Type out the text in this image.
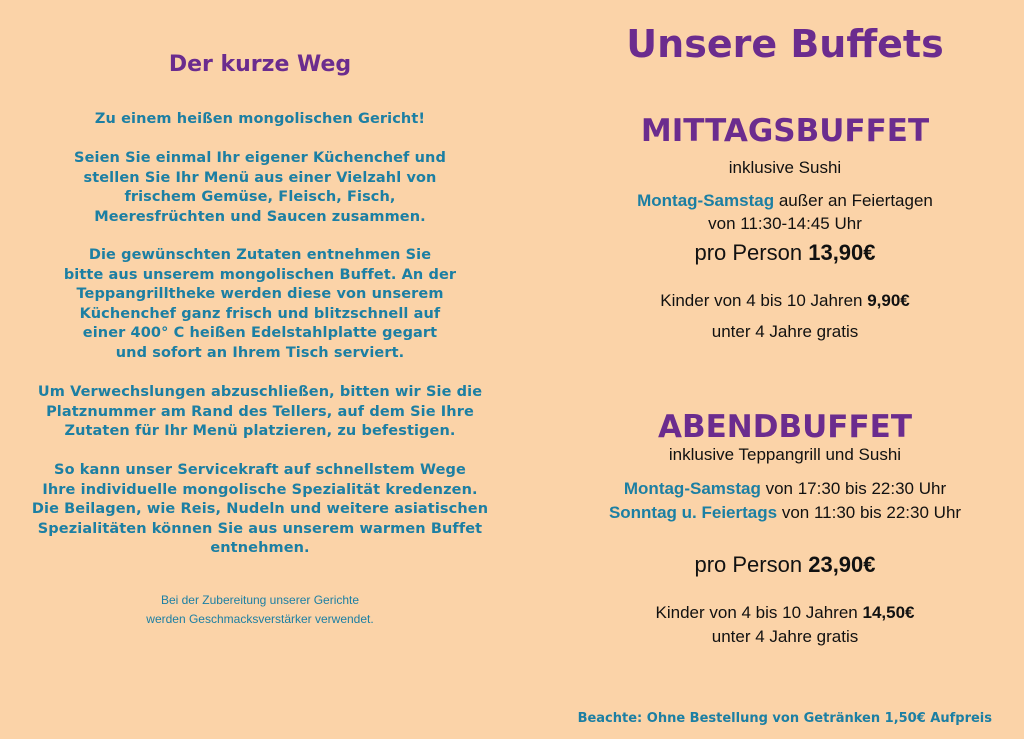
Der kurze Weg

Zu einem heißen mongolischen Gericht!

Seien Sie einmal Ihr eigener Küchenchef und
stellen Sie Ihr Menü aus einer Vielzahl von
frischem Gemüse, Fleisch, Fisch,
Meeresfrüchten und Saucen zusammen.

Die gewünschten Zutaten entnehmen Sie
bitte aus unserem mongolischen Buffet. An der
Teppangrilltheke werden diese von unserem
Küchenchef ganz frisch und blitzschnell auf
einer 400° C heißen Edelstahlplatte gegart
und sofort an Ihrem Tisch serviert.

Um Verwechslungen abzuschließen, bitten wir Sie die
Platznummer am Rand des Tellers, auf dem Sie Ihre
Zutaten für Ihr Menü platzieren, zu befestigen.

So kann unser Servicekraft auf schnellstem Wege
Ihre individuelle mongolische Spezialität kredenzen.
Die Beilagen, wie Reis, Nudeln und weitere asiatischen
Spezialitäten können Sie aus unserem warmen Buffet
entnehmen.

Bei der Zubereitung unserer Gerichte
werden Geschmacksverstärker verwendet.

Unsere Buffets
MITTAGSBUFFET
inklusive Sushi
Montag-Samstag außer an Feiertagen
von 11:30-14:45 Uhr
pro Person 13,90€
Kinder von 4 bis 10 Jahren 9,90€
unter 4 Jahre gratis
ABENDBUFFET
inklusive Teppangrill und Sushi
Montag-Samstag von 17:30 bis 22:30 Uhr
Sonntag u. Feiertags von 11:30 bis 22:30 Uhr
pro Person 23,90€
Kinder von 4 bis 10 Jahren 14,50€
unter 4 Jahre gratis

Beachte: Ohne Bestellung von Getränken 1,50€ Aufpreis
